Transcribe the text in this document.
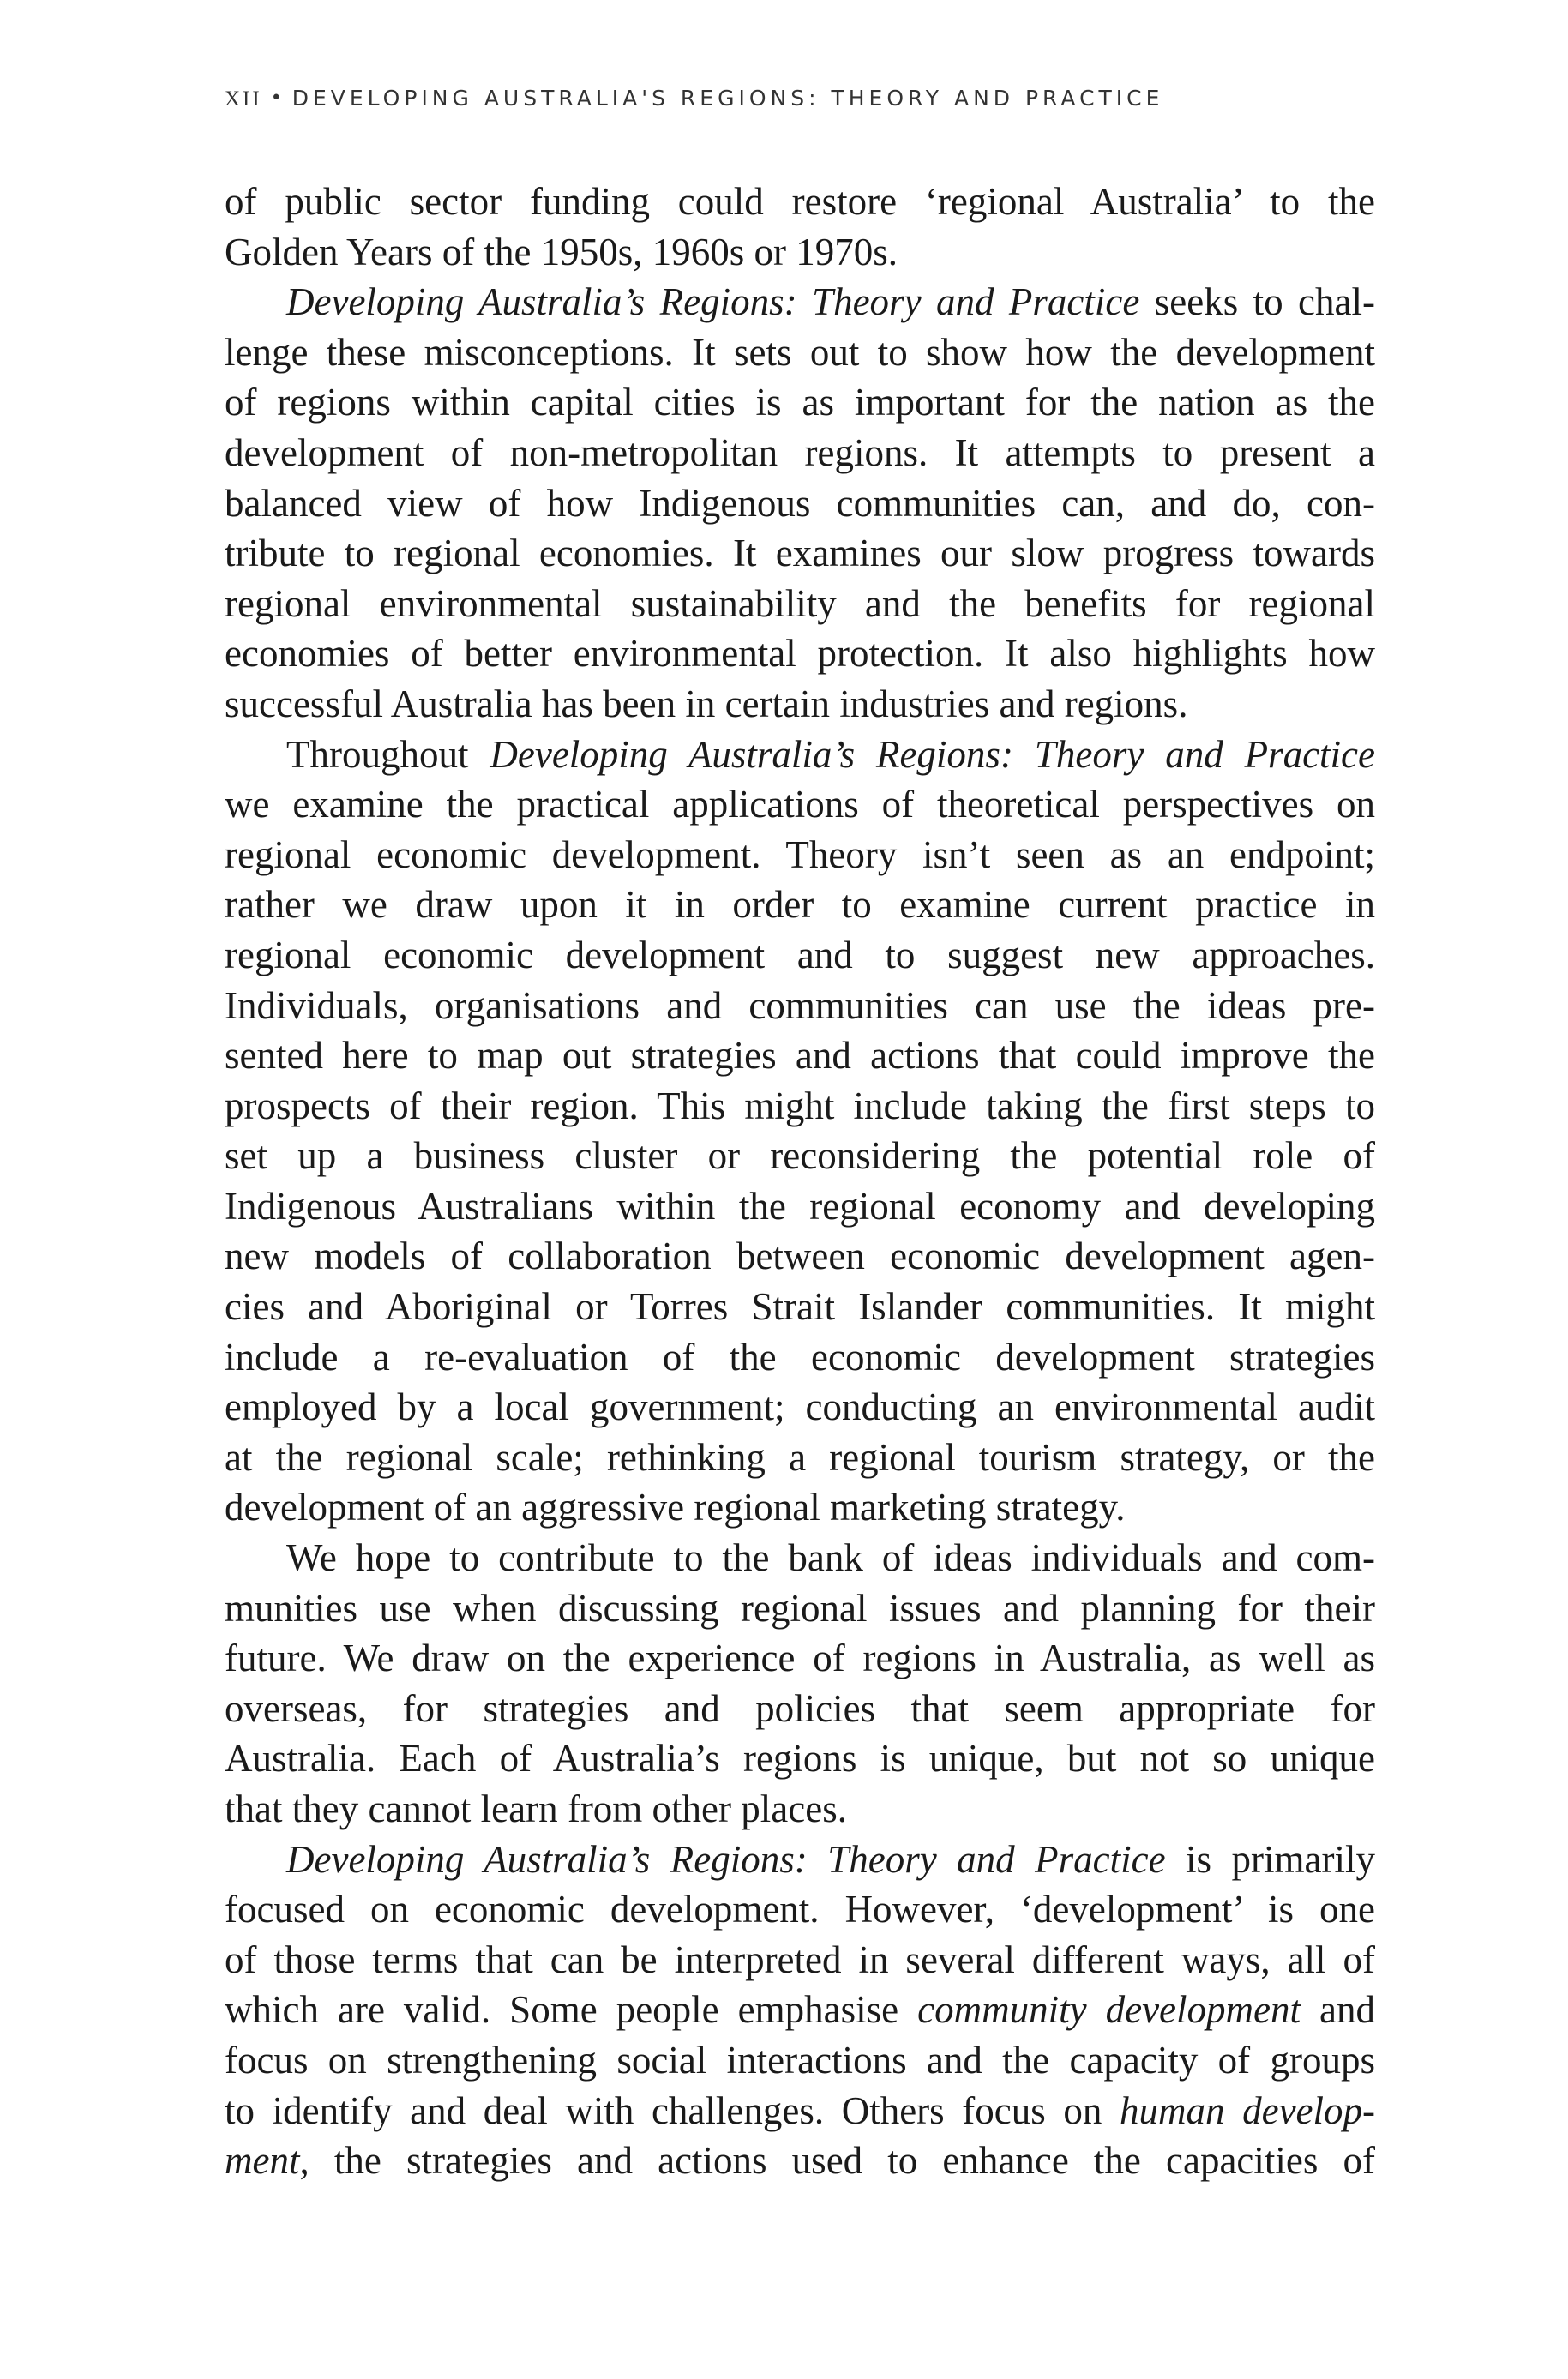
XII • DEVELOPING AUSTRALIA'S REGIONS: THEORY AND PRACTICE
of public sector funding could restore ‘regional Australia’ to the
Golden Years of the 1950s, 1960s or 1970s.
Developing Australia’s Regions: Theory and Practice seeks to chal-
lenge these misconceptions. It sets out to show how the development
of regions within capital cities is as important for the nation as the
development of non-metropolitan regions. It attempts to present a
balanced view of how Indigenous communities can, and do, con-
tribute to regional economies. It examines our slow progress towards
regional environmental sustainability and the benefits for regional
economies of better environmental protection. It also highlights how
successful Australia has been in certain industries and regions.
Throughout Developing Australia’s Regions: Theory and Practice
we examine the practical applications of theoretical perspectives on
regional economic development. Theory isn’t seen as an endpoint;
rather we draw upon it in order to examine current practice in
regional economic development and to suggest new approaches.
Individuals, organisations and communities can use the ideas pre-
sented here to map out strategies and actions that could improve the
prospects of their region. This might include taking the first steps to
set up a business cluster or reconsidering the potential role of
Indigenous Australians within the regional economy and developing
new models of collaboration between economic development agen-
cies and Aboriginal or Torres Strait Islander communities. It might
include a re-evaluation of the economic development strategies
employed by a local government; conducting an environmental audit
at the regional scale; rethinking a regional tourism strategy, or the
development of an aggressive regional marketing strategy.
We hope to contribute to the bank of ideas individuals and com-
munities use when discussing regional issues and planning for their
future. We draw on the experience of regions in Australia, as well as
overseas, for strategies and policies that seem appropriate for
Australia. Each of Australia’s regions is unique, but not so unique
that they cannot learn from other places.
Developing Australia’s Regions: Theory and Practice is primarily
focused on economic development. However, ‘development’ is one
of those terms that can be interpreted in several different ways, all of
which are valid. Some people emphasise community development and
focus on strengthening social interactions and the capacity of groups
to identify and deal with challenges. Others focus on human develop-
ment, the strategies and actions used to enhance the capacities of
